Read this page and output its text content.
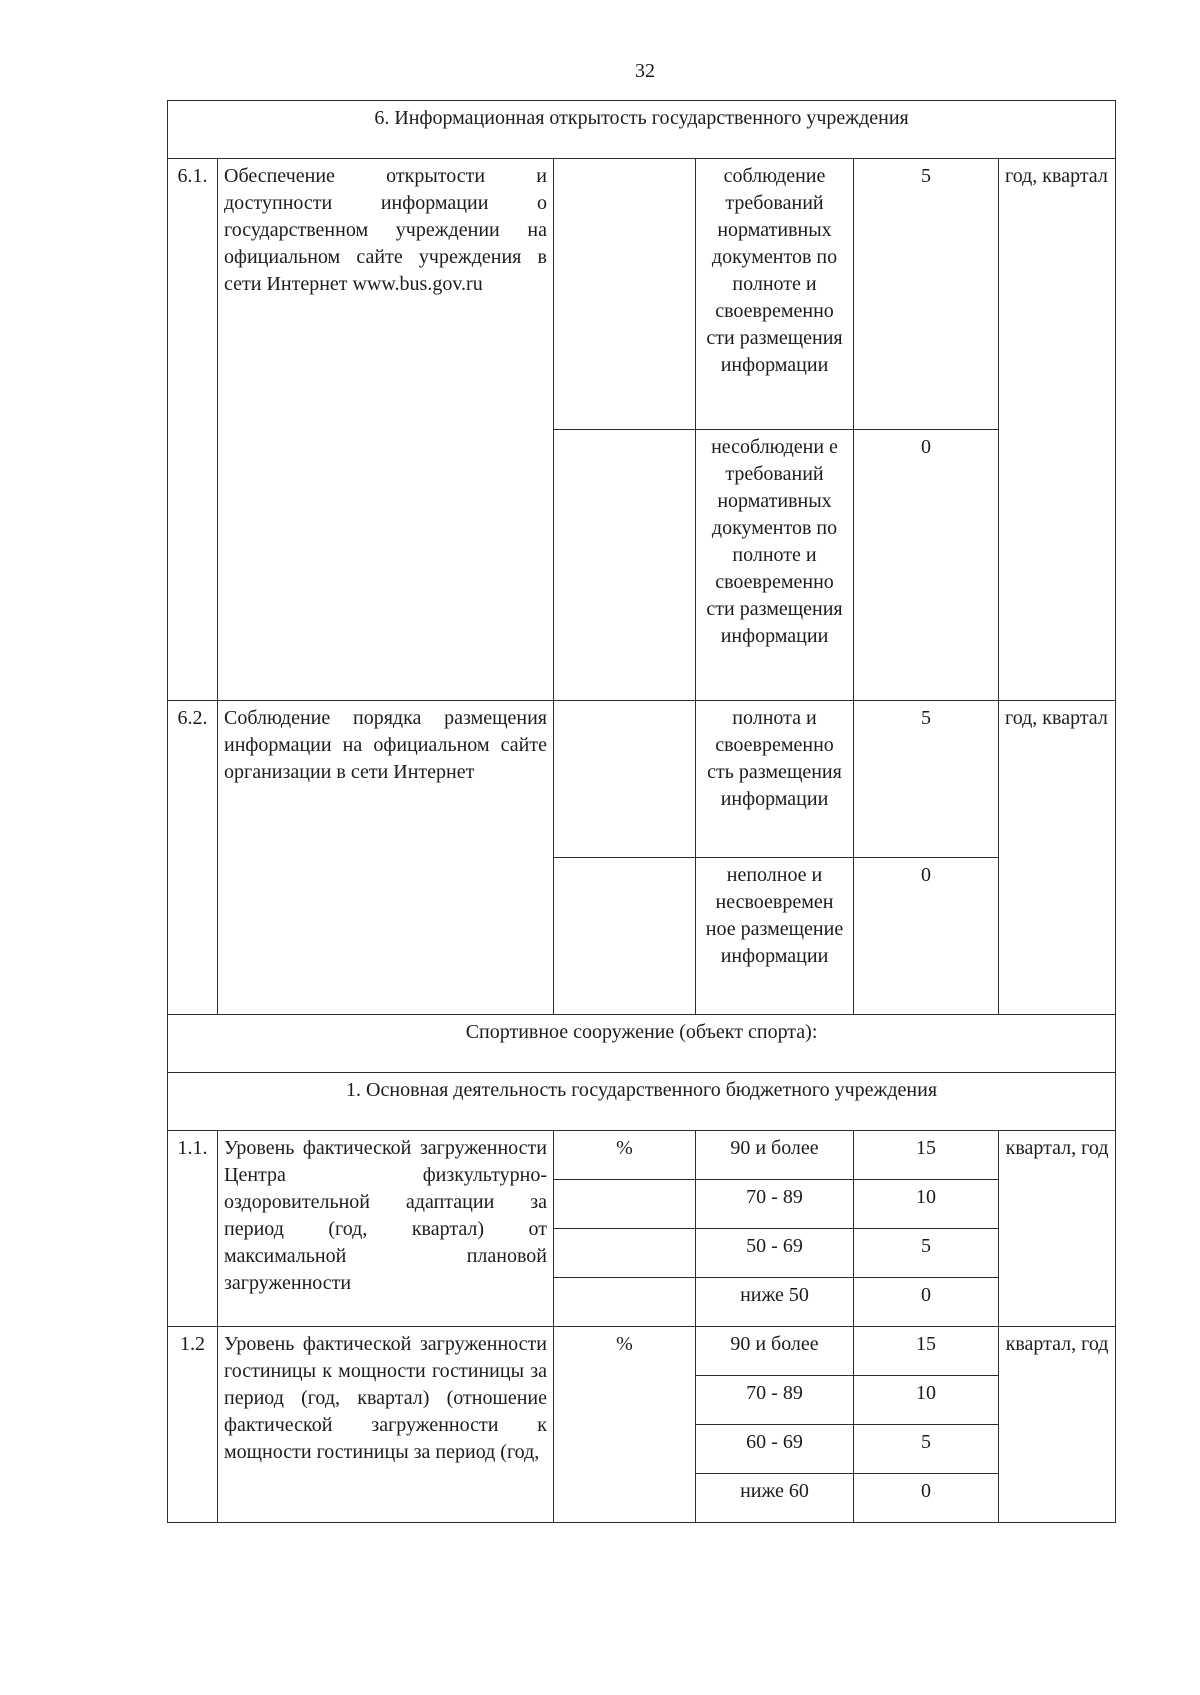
32
6. Информационная открытость государственного учреждения					
6.1.	Обеспечение открытости и доступности информации о государственном учреждении на официальном сайте учреждения в сети Интернет www.bus.gov.ru		соблюдение требований нормативных документов по полноте и своевременно сти размещения информации	5	год, квартал
			несоблюдени е требований нормативных документов по полноте и своевременно сти размещения информации	0	
6.2.	Соблюдение порядка размещения информации на официальном сайте организации в сети Интернет		полнота и своевременно сть размещения информации	5	год, квартал
			неполное и несвоевремен ное размещение информации	0	
Спортивное сооружение (объект спорта):					
1. Основная деятельность государственного бюджетного учреждения					
1.1.	Уровень фактической загруженности Центра физкультурно-оздоровительной адаптации за период (год, квартал) от максимальной плановой загруженности	%	90 и более	15	квартал, год
			70 - 89	10	
			50 - 69	5	
			ниже 50	0	
1.2	Уровень фактической загруженности гостиницы к мощности гостиницы за период (год, квартал) (отношение фактической загруженности к мощности гостиницы за период (год,	%	90 и более	15	квартал, год
			70 - 89	10	
			60 - 69	5	
			ниже 60	0	
